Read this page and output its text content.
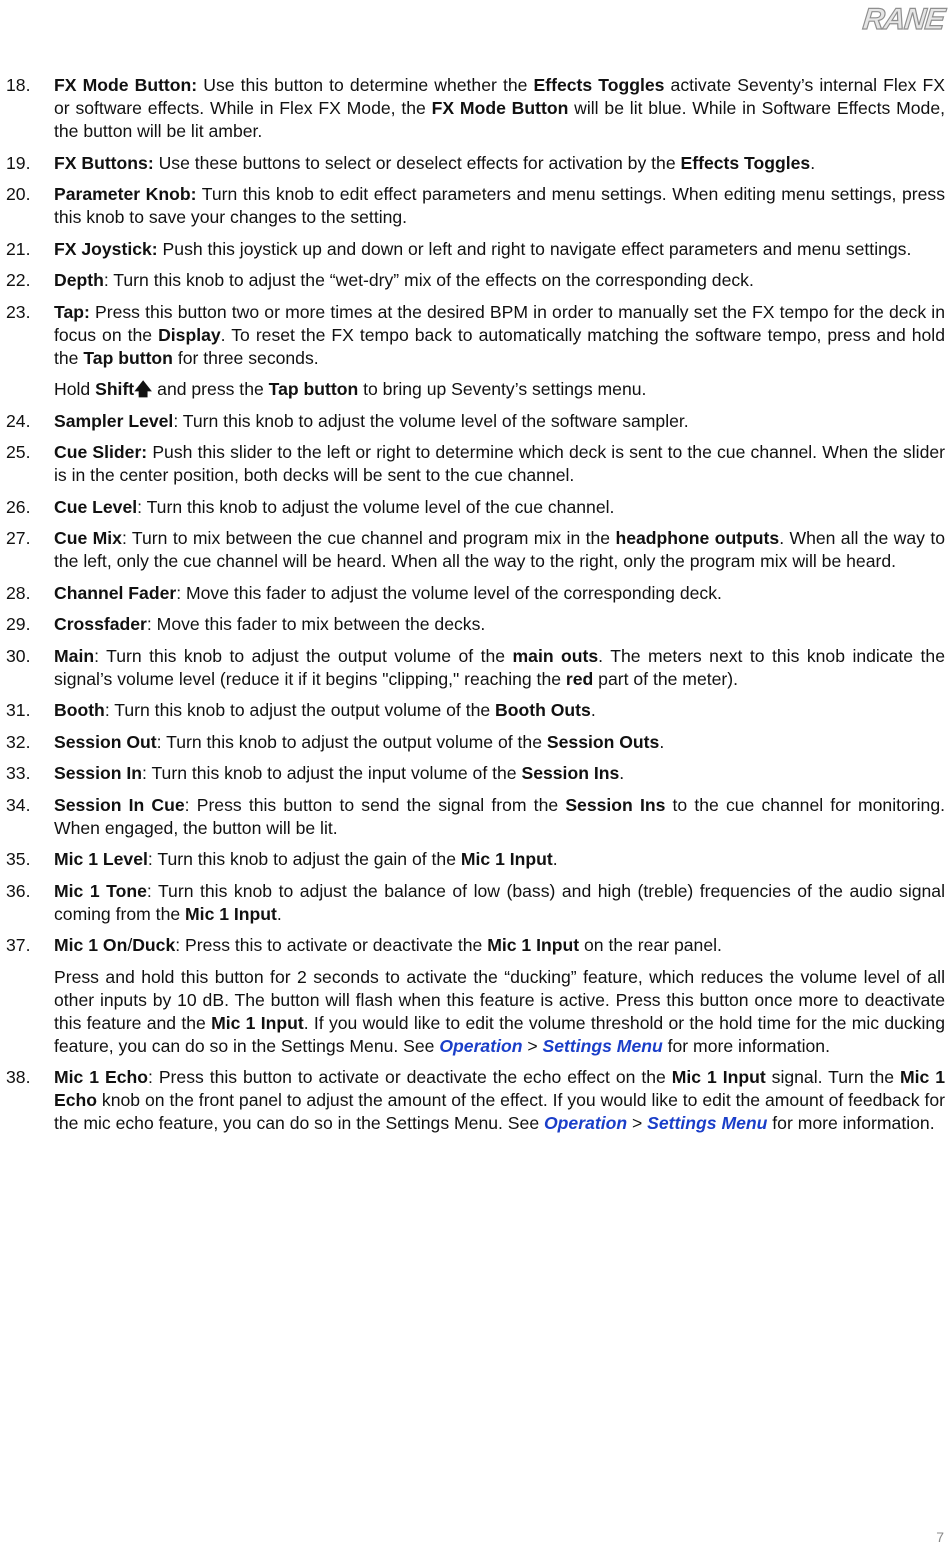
RANE
18. FX Mode Button: Use this button to determine whether the Effects Toggles activate Seventy’s internal Flex FX or software effects. While in Flex FX Mode, the FX Mode Button will be lit blue. While in Software Effects Mode, the button will be lit amber.
19. FX Buttons: Use these buttons to select or deselect effects for activation by the Effects Toggles.
20. Parameter Knob: Turn this knob to edit effect parameters and menu settings. When editing menu settings, press this knob to save your changes to the setting.
21. FX Joystick: Push this joystick up and down or left and right to navigate effect parameters and menu settings.
22. Depth: Turn this knob to adjust the “wet-dry” mix of the effects on the corresponding deck.
23. Tap: Press this button two or more times at the desired BPM in order to manually set the FX tempo for the deck in focus on the Display. To reset the FX tempo back to automatically matching the software tempo, press and hold the Tap button for three seconds.
Hold Shift🡅 and press the Tap button to bring up Seventy’s settings menu.
24. Sampler Level: Turn this knob to adjust the volume level of the software sampler.
25. Cue Slider: Push this slider to the left or right to determine which deck is sent to the cue channel. When the slider is in the center position, both decks will be sent to the cue channel.
26. Cue Level: Turn this knob to adjust the volume level of the cue channel.
27. Cue Mix: Turn to mix between the cue channel and program mix in the headphone outputs. When all the way to the left, only the cue channel will be heard. When all the way to the right, only the program mix will be heard.
28. Channel Fader: Move this fader to adjust the volume level of the corresponding deck.
29. Crossfader: Move this fader to mix between the decks.
30. Main: Turn this knob to adjust the output volume of the main outs. The meters next to this knob indicate the signal’s volume level (reduce it if it begins "clipping," reaching the red part of the meter).
31. Booth: Turn this knob to adjust the output volume of the Booth Outs.
32. Session Out: Turn this knob to adjust the output volume of the Session Outs.
33. Session In: Turn this knob to adjust the input volume of the Session Ins.
34. Session In Cue: Press this button to send the signal from the Session Ins to the cue channel for monitoring. When engaged, the button will be lit.
35. Mic 1 Level: Turn this knob to adjust the gain of the Mic 1 Input.
36. Mic 1 Tone: Turn this knob to adjust the balance of low (bass) and high (treble) frequencies of the audio signal coming from the Mic 1 Input.
37. Mic 1 On/Duck: Press this to activate or deactivate the Mic 1 Input on the rear panel.
Press and hold this button for 2 seconds to activate the “ducking” feature, which reduces the volume level of all other inputs by 10 dB. The button will flash when this feature is active. Press this button once more to deactivate this feature and the Mic 1 Input. If you would like to edit the volume threshold or the hold time for the mic ducking feature, you can do so in the Settings Menu. See Operation > Settings Menu for more information.
38. Mic 1 Echo: Press this button to activate or deactivate the echo effect on the Mic 1 Input signal. Turn the Mic 1 Echo knob on the front panel to adjust the amount of the effect. If you would like to edit the amount of feedback for the mic echo feature, you can do so in the Settings Menu. See Operation > Settings Menu for more information.
7
